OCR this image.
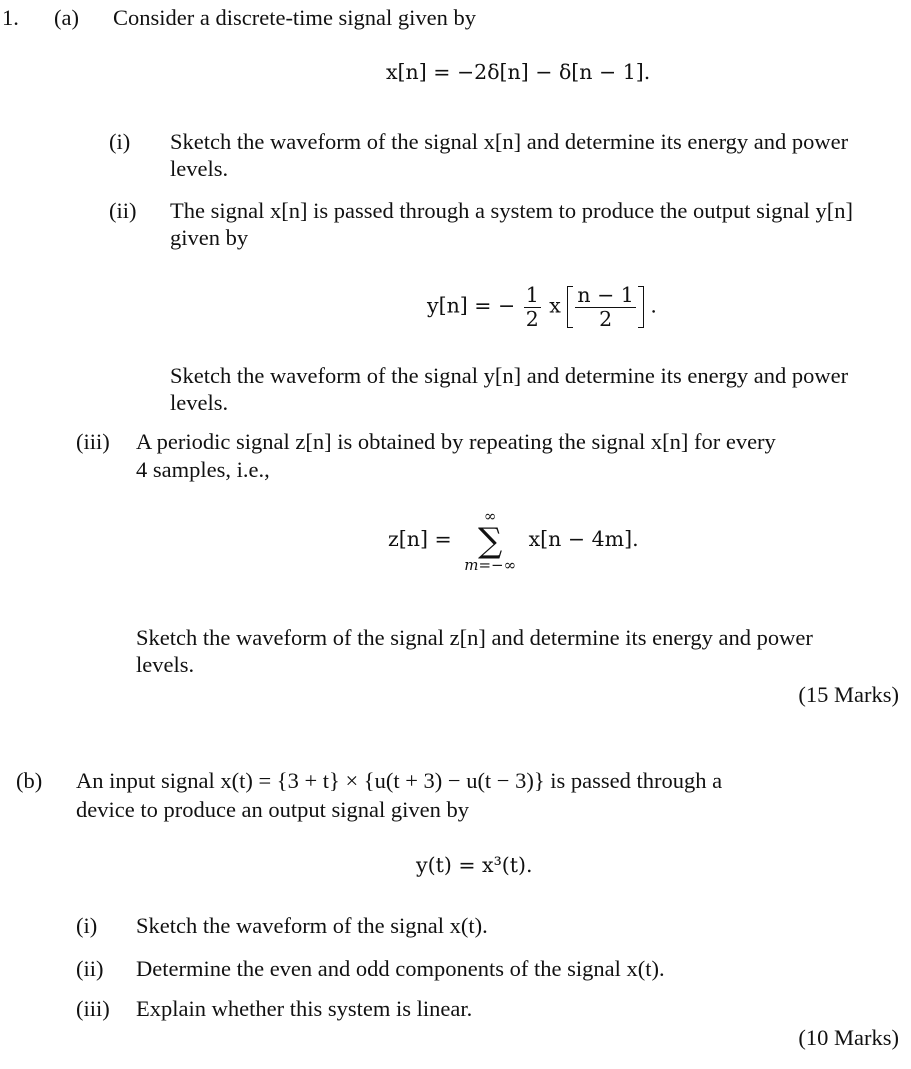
1. (a) Consider a discrete-time signal given by
x[n] = −2δ[n] − δ[n − 1].
(i) Sketch the waveform of the signal x[n] and determine its energy and power
levels.
(ii) The signal x[n] is passed through a system to produce the output signal y[n]
given by
y[n] = − $\frac{1}{2}$ x $\frac{n - 1}{2}$ .
Sketch the waveform of the signal y[n] and determine its energy and power
levels.
(iii) A periodic signal z[n] is obtained by repeating the signal x[n] for every
4 samples, i.e.,
z[n] =
∞
∑
m=−∞
x[n − 4m].
Sketch the waveform of the signal z[n] and determine its energy and power
levels.
(15 Marks)
(b) An input signal x(t) = {3 + t} × {u(t + 3) − u(t − 3)} is passed through a
device to produce an output signal given by
y(t) = x³(t).
(i) Sketch the waveform of the signal x(t).
(ii) Determine the even and odd components of the signal x(t).
(iii) Explain whether this system is linear.
(10 Marks)
